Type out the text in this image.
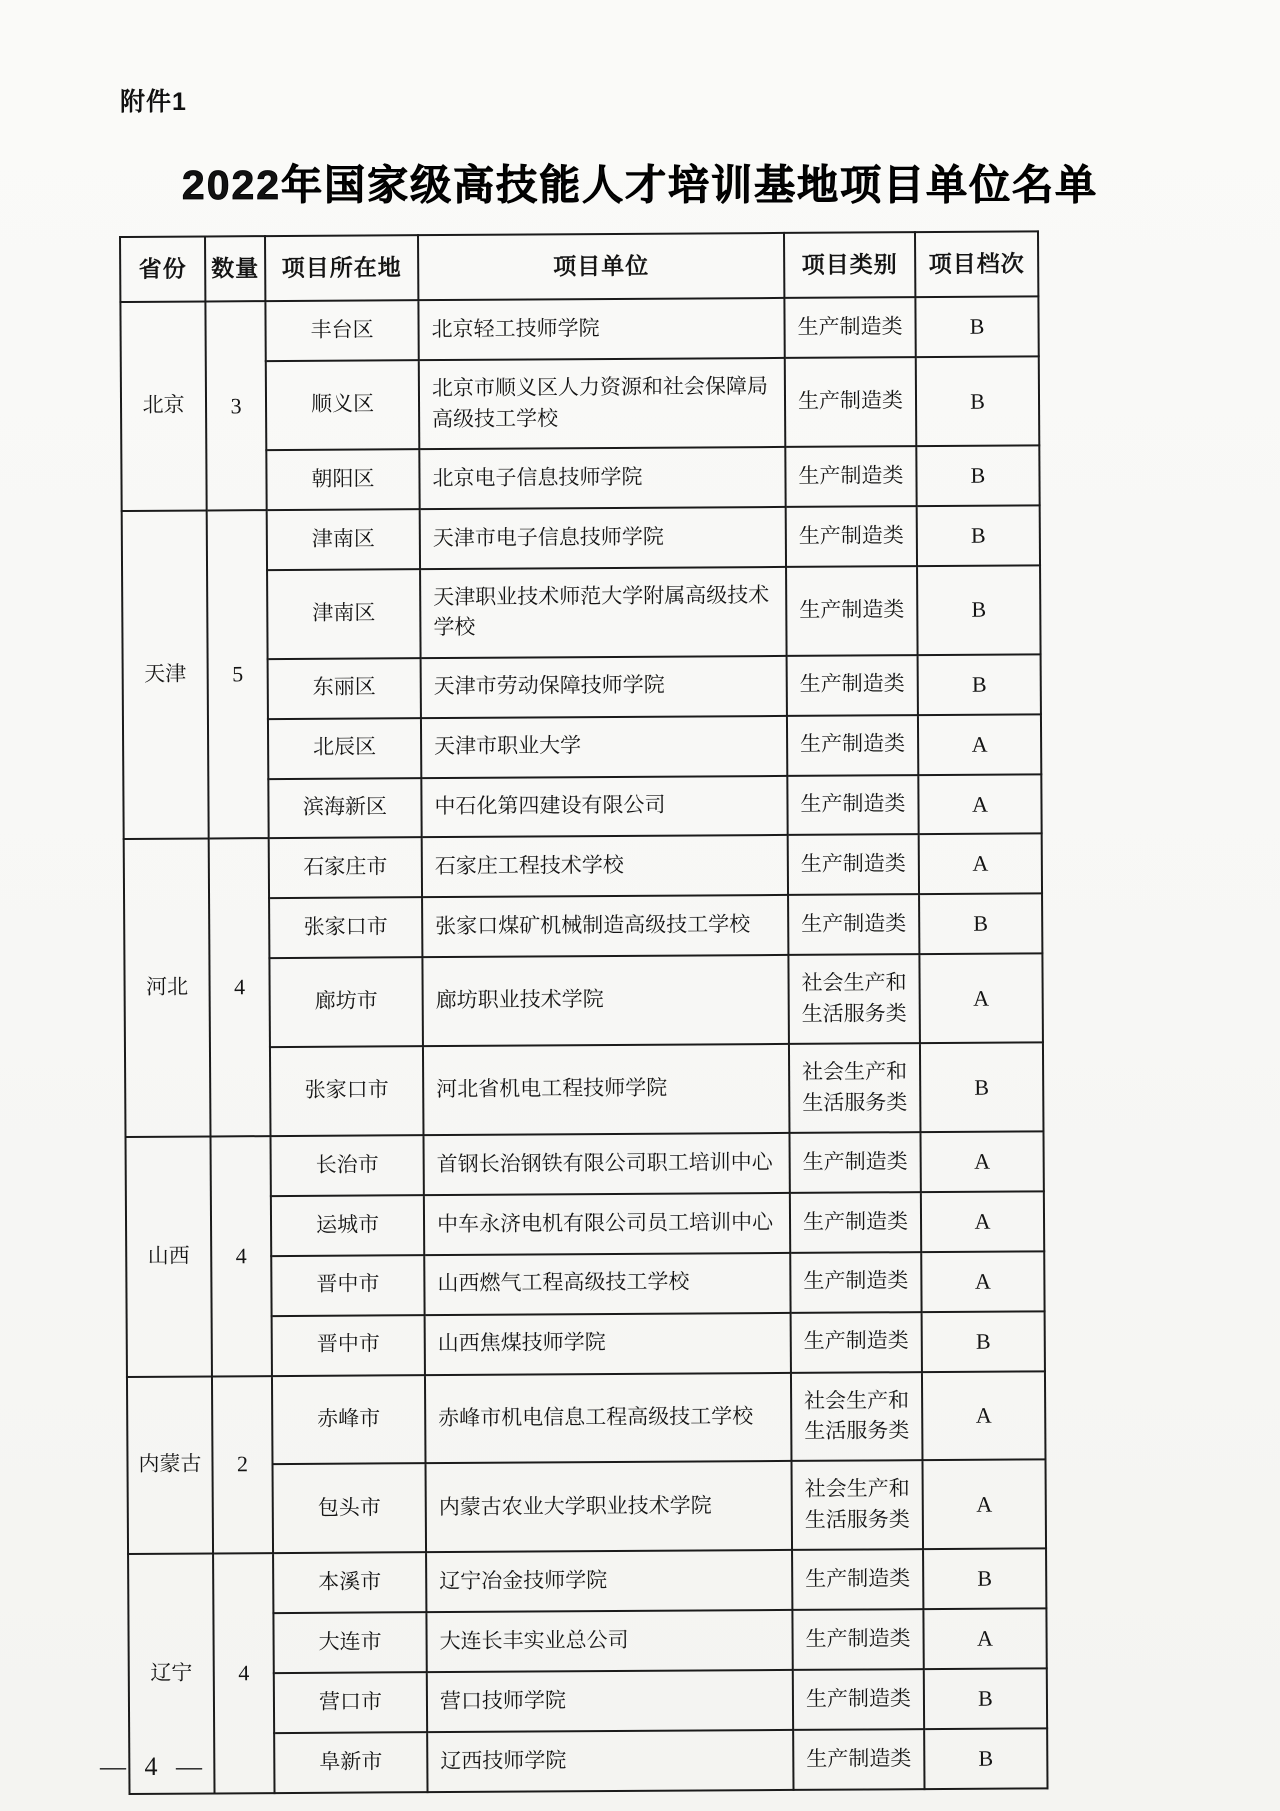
附件1
2022年国家级高技能人才培训基地项目单位名单
省份	数量	项目所在地	项目单位	项目类别	项目档次
北京	3	丰台区	北京轻工技师学院	生产制造类	B
		顺义区	北京市顺义区人力资源和社会保障局高级技工学校	生产制造类	B
		朝阳区	北京电子信息技师学院	生产制造类	B
天津	5	津南区	天津市电子信息技师学院	生产制造类	B
		津南区	天津职业技术师范大学附属高级技术学校	生产制造类	B
		东丽区	天津市劳动保障技师学院	生产制造类	B
		北辰区	天津市职业大学	生产制造类	A
		滨海新区	中石化第四建设有限公司	生产制造类	A
河北	4	石家庄市	石家庄工程技术学校	生产制造类	A
		张家口市	张家口煤矿机械制造高级技工学校	生产制造类	B
		廊坊市	廊坊职业技术学院	社会生产和生活服务类	A
		张家口市	河北省机电工程技师学院	社会生产和生活服务类	B
山西	4	长治市	首钢长治钢铁有限公司职工培训中心	生产制造类	A
		运城市	中车永济电机有限公司员工培训中心	生产制造类	A
		晋中市	山西燃气工程高级技工学校	生产制造类	A
		晋中市	山西焦煤技师学院	生产制造类	B
内蒙古	2	赤峰市	赤峰市机电信息工程高级技工学校	社会生产和生活服务类	A
		包头市	内蒙古农业大学职业技术学院	社会生产和生活服务类	A
辽宁	4	本溪市	辽宁冶金技师学院	生产制造类	B
		大连市	大连长丰实业总公司	生产制造类	A
		营口市	营口技师学院	生产制造类	B
		阜新市	辽西技师学院	生产制造类	B
— 4 —
